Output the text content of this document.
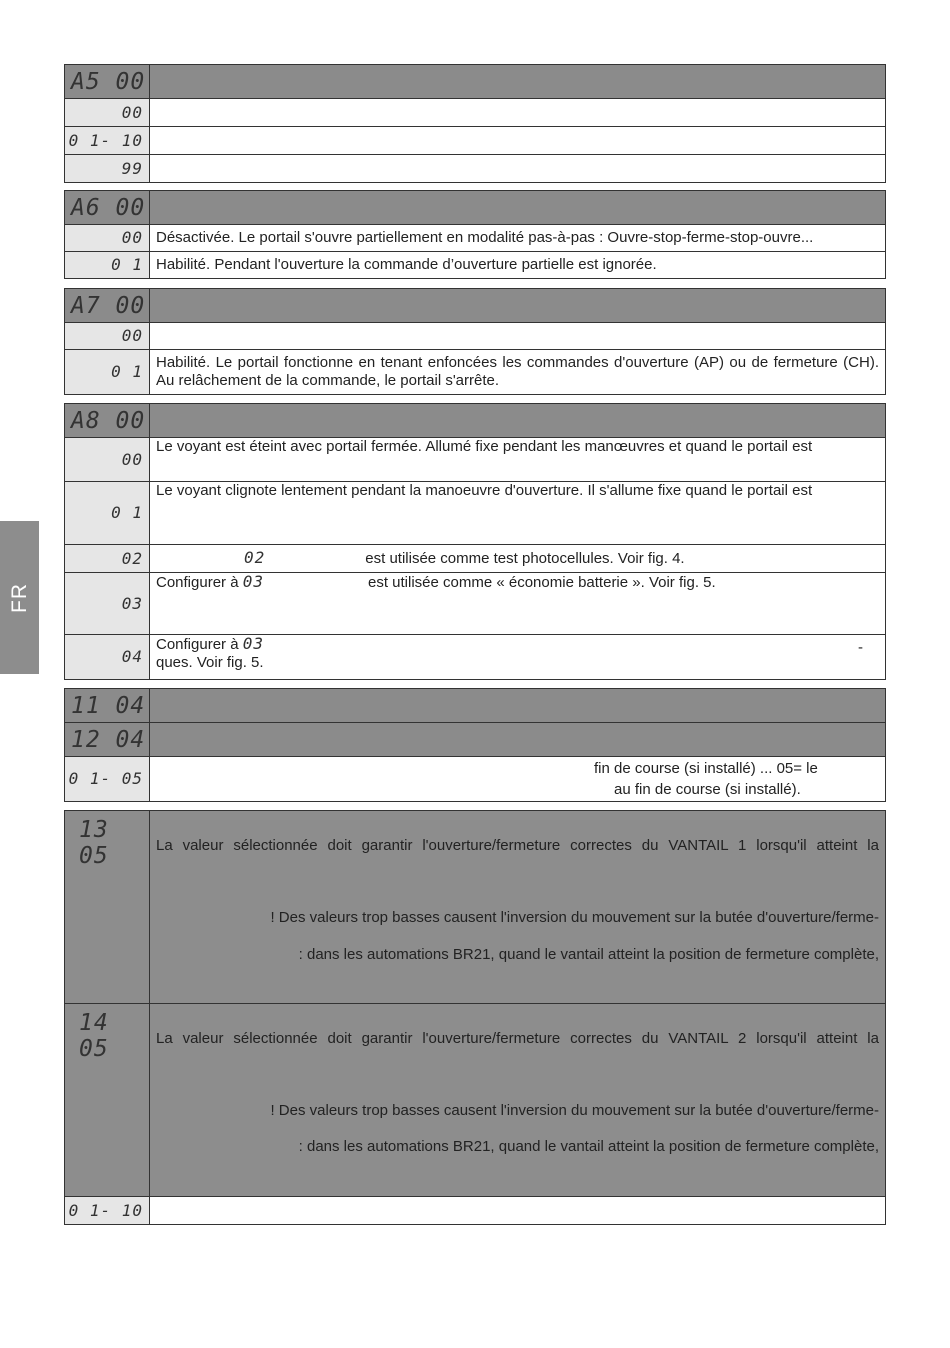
FR
A5 00	
00	
0 1- 10	
99	
A6 00	
00	Désactivée. Le portail s'ouvre partiellement en modalité pas-à-pas : Ouvre-stop-ferme-stop-ouvre...
0 1	Habilité. Pendant l'ouverture la commande d’ouverture partielle est ignorée.
A7 00	
00	
0 1	Habilité. Le portail fonctionne en tenant enfoncées les commandes d'ouverture (AP) ou de fermeture (CH). Au relâchement de la commande, le portail s'arrête.
A8 00	
00	Le voyant est éteint avec portail fermée. Allumé fixe pendant les manœuvres et quand le portail est
0 1	Le voyant clignote lentement pendant la manoeuvre d'ouverture. Il s'allume fixe quand le portail est
02	02 est utilisée comme test photocellules. Voir fig. 4.
03	Configurer à 03 est utilisée comme « économie batterie ». Voir fig. 5.
04	Configurer à 03 -

ques. Voir fig. 5.
11 04	
12 04	
0 1- 05	fin de course (si installé) ... 05= le
au fin de course (si installé).
13 05	La valeur sélectionnée doit garantir l'ouverture/fermeture correctes du VANTAIL 1 lorsqu'il atteint la
! Des valeurs trop basses causent l'inversion du mouvement sur la butée d'ouverture/ferme-
: dans les automations BR21, quand le vantail atteint la position de fermeture complète,

14 05	La valeur sélectionnée doit garantir l'ouverture/fermeture correctes du VANTAIL 2 lorsqu'il atteint la
! Des valeurs trop basses causent l'inversion du mouvement sur la butée d'ouverture/ferme-
: dans les automations BR21, quand le vantail atteint la position de fermeture complète,

0 1- 10	
